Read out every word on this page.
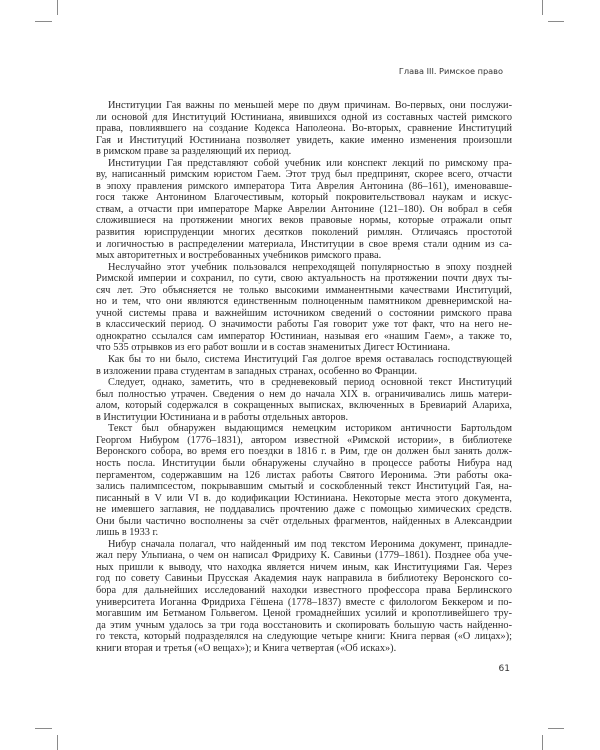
Глава III. Римское право
Институции Гая важны по меньшей мере по двум причинам. Во-первых, они послужи-
ли основой для Институций Юстиниана, явившихся одной из составных частей римского
права, повлиявшего на создание Кодекса Наполеона. Во-вторых, сравнение Институций
Гая и Институций Юстиниана позволяет увидеть, какие именно изменения произошли
в римском праве за разделяющий их период.
Институции Гая представляют собой учебник или конспект лекций по римскому пра-
ву, написанный римским юристом Гаем. Этот труд был предпринят, скорее всего, отчасти
в эпоху правления римского императора Тита Аврелия Антонина (86–161), именовавше-
гося также Антонином Благочестивым, который покровительствовал наукам и искус-
ствам, а отчасти при императоре Марке Аврелии Антонине (121–180). Он вобрал в себя
сложившиеся на протяжении многих веков правовые нормы, которые отражали опыт
развития юриспруденции многих десятков поколений римлян. Отличаясь простотой
и логичностью в распределении материала, Институции в свое время стали одним из са-
мых авторитетных и востребованных учебников римского права.
Неслучайно этот учебник пользовался непреходящей популярностью в эпоху поздней
Римской империи и сохранил, по сути, свою актуальность на протяжении почти двух ты-
сяч лет. Это объясняется не только высокими имманентными качествами Институций,
но и тем, что они являются единственным полноценным памятником древнеримской на-
учной системы права и важнейшим источником сведений о состоянии римского права
в классический период. О значимости работы Гая говорит уже тот факт, что на него не-
однократно ссылался сам император Юстиниан, называя его «нашим Гаем», а также то,
что 535 отрывков из его работ вошли и в состав знаменитых Дигест Юстиниана.
Как бы то ни было, система Институций Гая долгое время оставалась господствующей
в изложении права студентам в западных странах, особенно во Франции.
Следует, однако, заметить, что в средневековый период основной текст Институций
был полностью утрачен. Сведения о нем до начала XIX в. ограничивались лишь матери-
алом, который содержался в сокращенных выписках, включенных в Бревиарий Алариха,
в Институции Юстиниана и в работы отдельных авторов.
Текст был обнаружен выдающимся немецким историком античности Бартольдом
Георгом Нибуром (1776–1831), автором известной «Римской истории», в библиотеке
Веронского собора, во время его поездки в 1816 г. в Рим, где он должен был занять долж-
ность посла. Институции были обнаружены случайно в процессе работы Нибура над
пергаментом, содержавшим на 126 листах работы Святого Иеронима. Эти работы ока-
зались палимпсестом, покрывавшим смытый и соскобленный текст Институций Гая, на-
писанный в V или VI в. до кодификации Юстиниана. Некоторые места этого документа,
не имевшего заглавия, не поддавались прочтению даже с помощью химических средств.
Они были частично восполнены за счёт отдельных фрагментов, найденных в Александрии
лишь в 1933 г.
Нибур сначала полагал, что найденный им под текстом Иеронима документ, принадле-
жал перу Ульпиана, о чем он написал Фридриху К. Савиньи (1779–1861). Позднее оба уче-
ных пришли к выводу, что находка является ничем иным, как Институциями Гая. Через
год по совету Савиньи Прусская Академия наук направила в библиотеку Веронского со-
бора для дальнейших исследований находки известного профессора права Берлинского
университета Иоганна Фридриха Гёшена (1778–1837) вместе с филологом Беккером и по-
могавшим им Бетманом Гольвегом. Ценой громаднейших усилий и кропотливейшего тру-
да этим учным удалось за три года восстановить и скопировать большую часть найденно-
го текста, который подразделялся на следующие четыре книги: Книга первая («О лицах»);
книги вторая и третья («О вещах»); и Книга четвертая («Об исках»).
61
